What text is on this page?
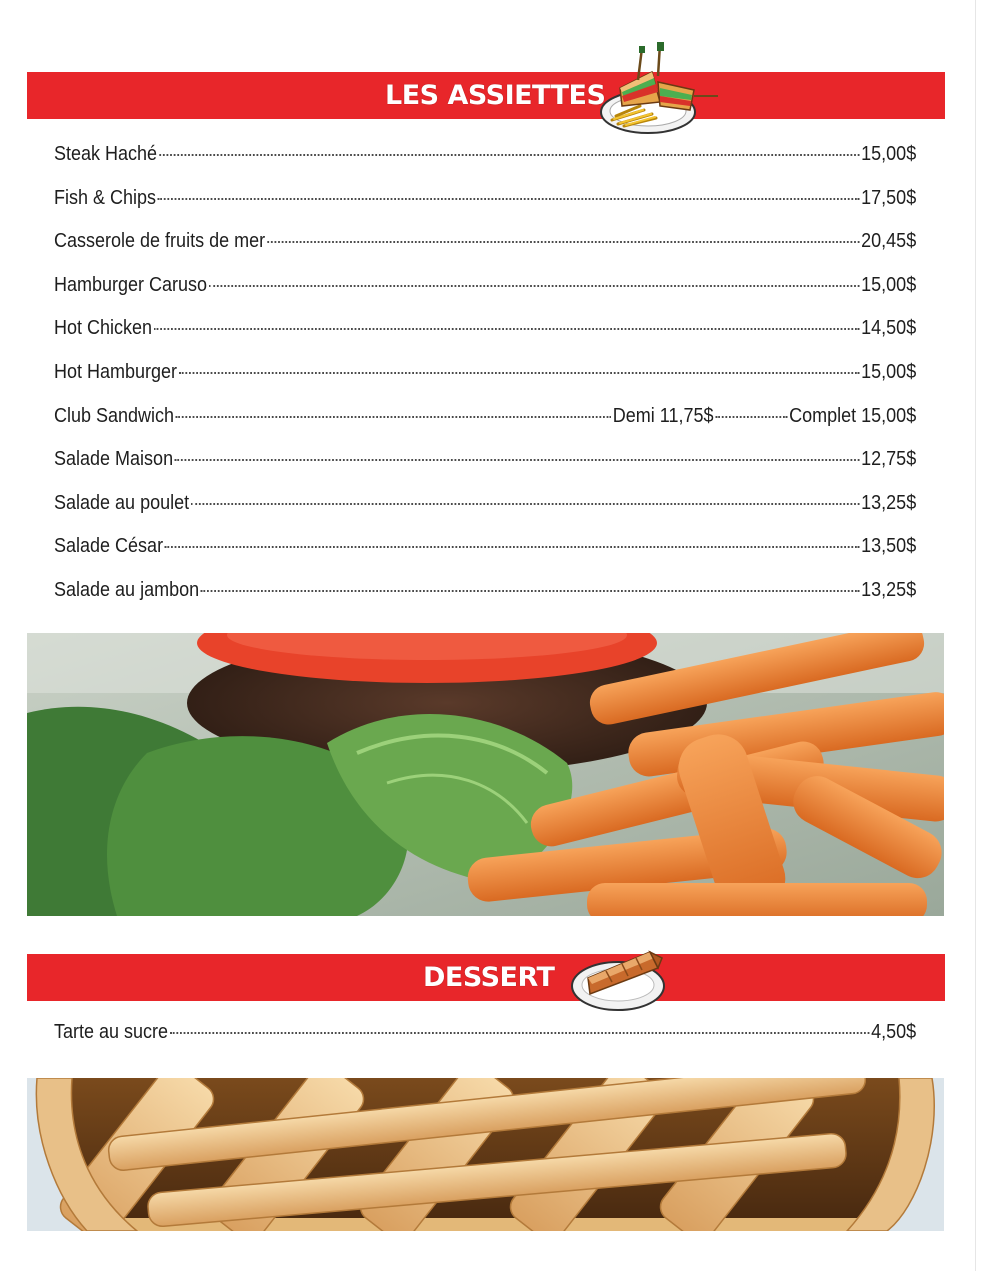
LES ASSIETTES
Steak Haché	15,00$
Fish & Chips	17,50$
Casserole de fruits de mer	20,45$
Hamburger Caruso	15,00$
Hot Chicken	14,50$
Hot Hamburger	15,00$
Club Sandwich	Demi 11,75$	Complet 15,00$
Salade Maison	12,75$
Salade au poulet	13,25$
Salade César	13,50$
Salade au jambon	13,25$
DESSERT
Tarte au sucre	4,50$
